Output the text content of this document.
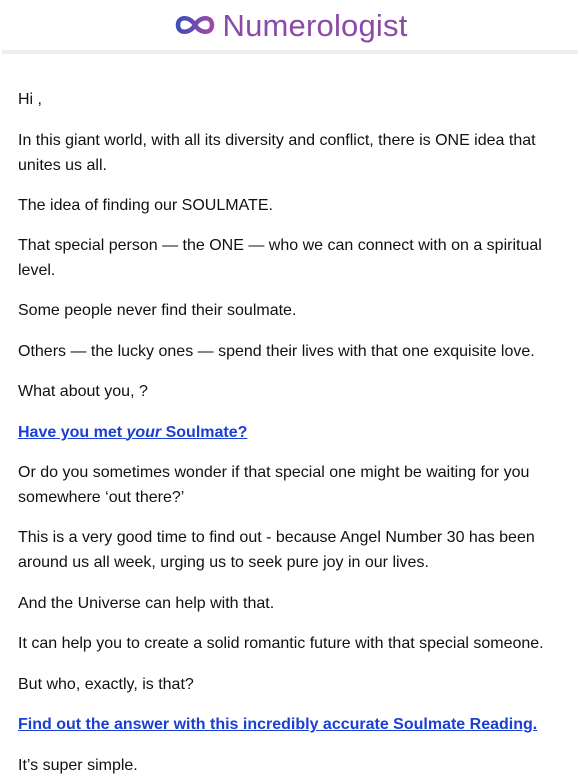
Numerologist

Hi ,

In this giant world, with all its diversity and conflict, there is ONE idea that unites us all.

The idea of finding our SOULMATE.

That special person — the ONE — who we can connect with on a spiritual level.

Some people never find their soulmate.

Others — the lucky ones — spend their lives with that one exquisite love.

What about you, ?

Have you met your Soulmate?

Or do you sometimes wonder if that special one might be waiting for you somewhere ‘out there?’

This is a very good time to find out - because Angel Number 30 has been around us all week, urging us to seek pure joy in our lives.

And the Universe can help with that.

It can help you to create a solid romantic future with that special someone.

But who, exactly, is that?

Find out the answer with this incredibly accurate Soulmate Reading.

It’s super simple.
